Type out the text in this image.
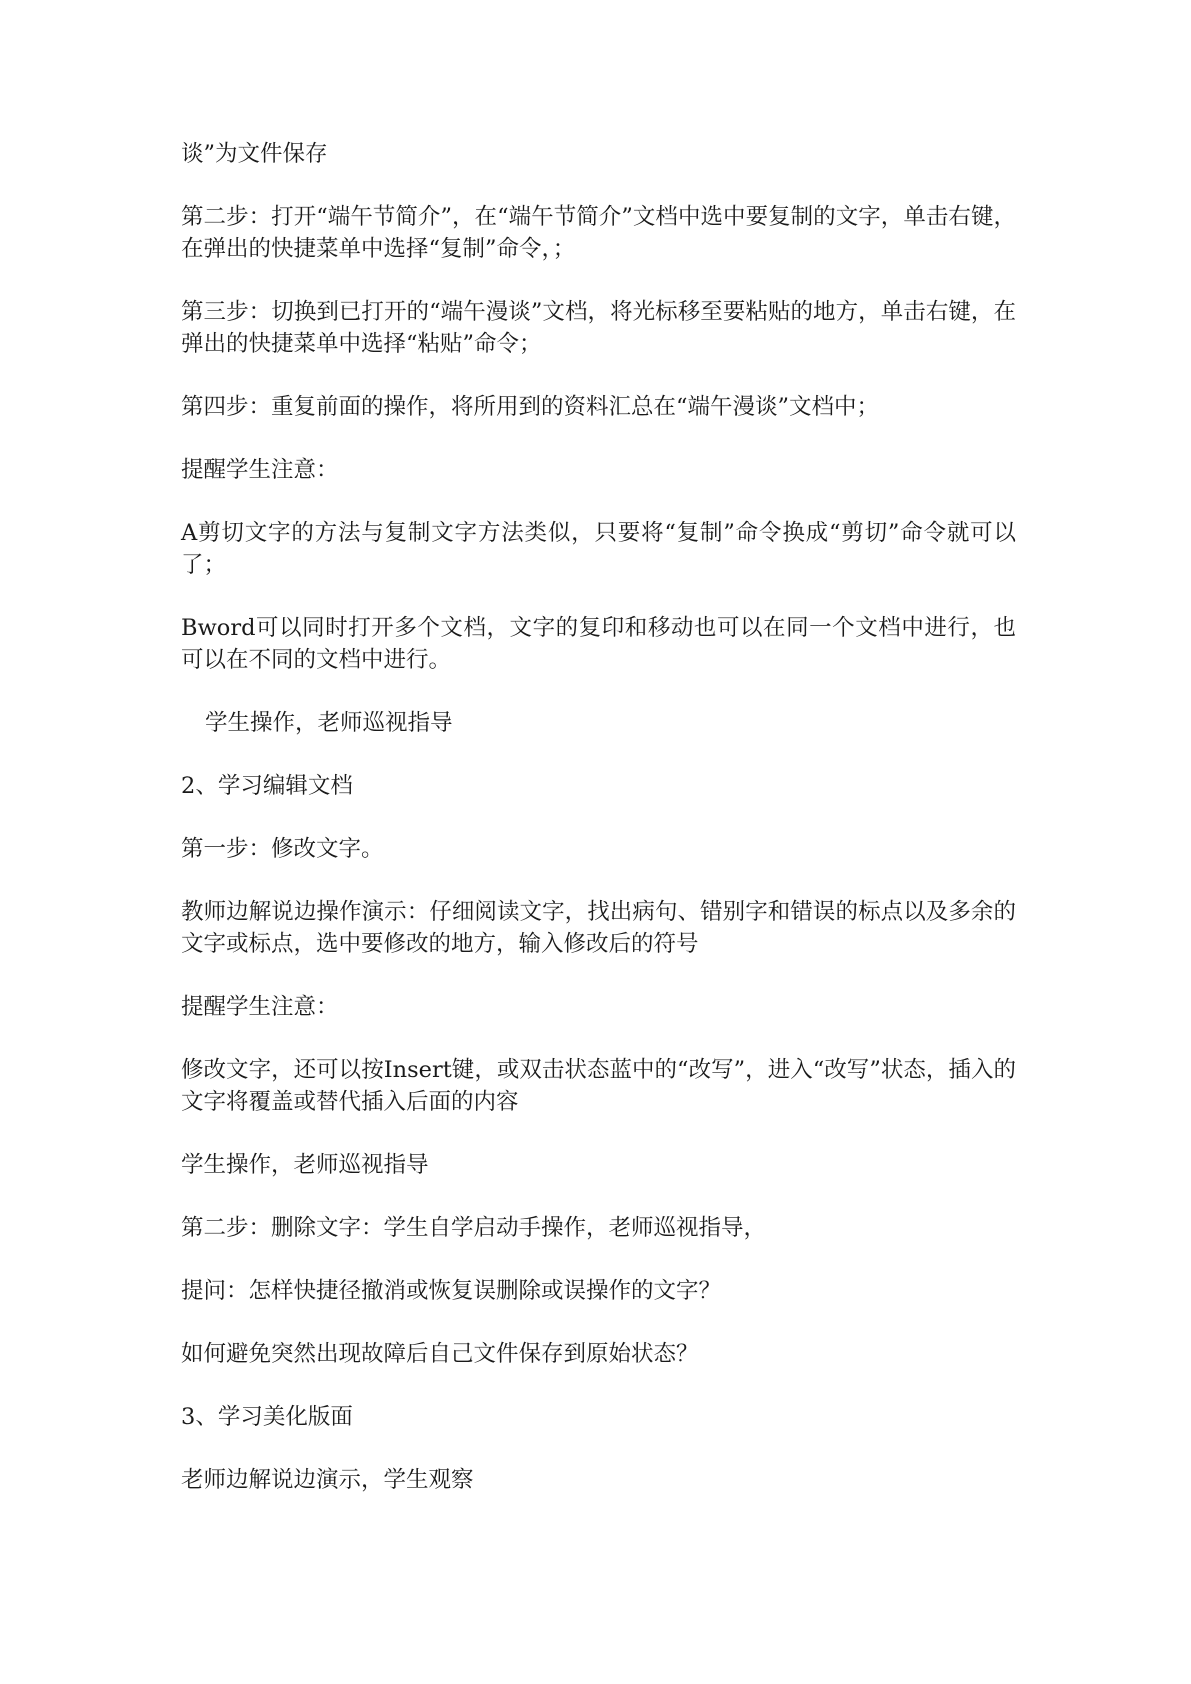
谈”为文件保存

第二步：打开“端午节简介”，在“端午节简介”文档中选中要复制的文字，单击右键，在弹出的快捷菜单中选择“复制”命令，；

第三步：切换到已打开的“端午漫谈”文档，将光标移至要粘贴的地方，单击右键，在弹出的快捷菜单中选择“粘贴”命令；

第四步：重复前面的操作，将所用到的资料汇总在“端午漫谈”文档中；

提醒学生注意：

A剪切文字的方法与复制文字方法类似，只要将“复制”命令换成“剪切”命令就可以了；

Bword可以同时打开多个文档，文字的复印和移动也可以在同一个文档中进行，也可以在不同的文档中进行。

学生操作，老师巡视指导

2、学习编辑文档

第一步：修改文字。

教师边解说边操作演示：仔细阅读文字，找出病句、错别字和错误的标点以及多余的文字或标点，选中要修改的地方，输入修改后的符号

提醒学生注意：

修改文字，还可以按Insert键，或双击状态蓝中的“改写”，进入“改写”状态，插入的文字将覆盖或替代插入后面的内容

学生操作，老师巡视指导

第二步：删除文字：学生自学启动手操作，老师巡视指导，

提问：怎样快捷径撤消或恢复误删除或误操作的文字？

如何避免突然出现故障后自己文件保存到原始状态？

3、学习美化版面

老师边解说边演示，学生观察
